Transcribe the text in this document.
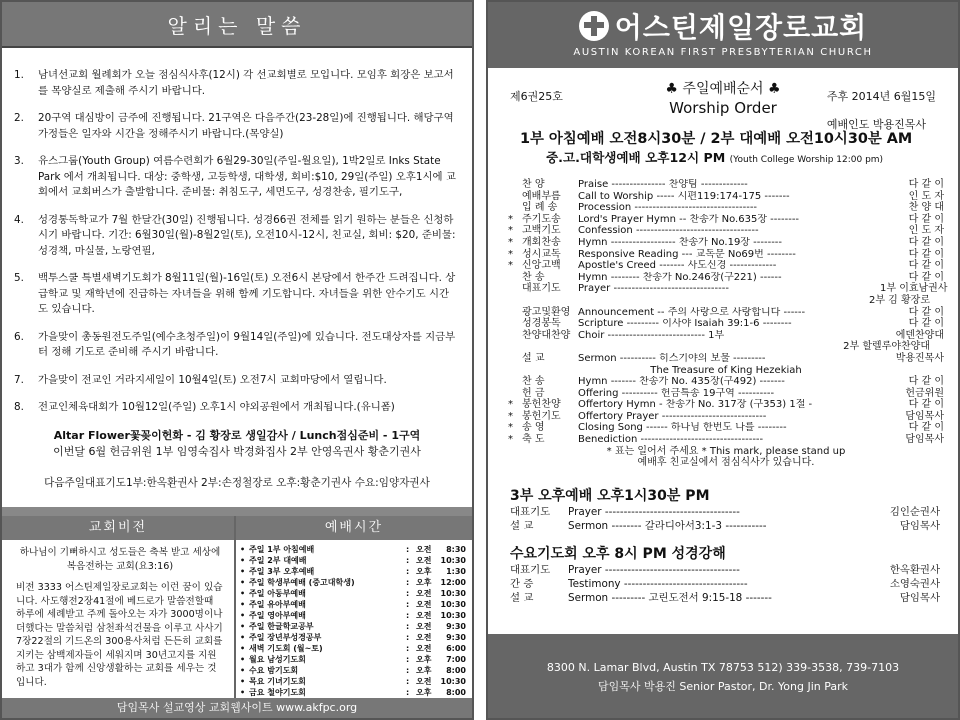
알리는 말씀
1.	남녀선교회 월례회가 오늘 점심식사후(12시) 각 선교회별로 모입니다. 모임후 회장은 보고서를 목양실로 제출해 주시기 바랍니다.
2.	20구역 대심방이 금주에 진행됩니다. 21구역은 다음주간(23-28일)에 진행됩니다. 해당구역 가정들은 일자와 시간을 정해주시기 바랍니다.(목양실)
3.	유스그룹(Youth Group) 여름수련회가 6월29-30일(주일-월요일), 1박2일로 Inks State Park 에서 개최됩니다. 대상: 중학생, 고등학생, 대학생, 회비:$10, 29일(주일) 오후1시에 교회에서 교회버스가 출발합니다. 준비물: 취침도구, 세면도구, 성경찬송, 필기도구,
4.	성경통독학교가 7월 한달간(30일) 진행됩니다. 성경66권 전체를 읽기 원하는 분들은 신청하시기 바랍니다. 기간: 6월30일(월)-8월2일(토), 오전10시-12시, 친교실, 회비: $20, 준비물: 성경책, 마실물, 노랑연필,
5.	백투스쿨 특별새벽기도회가 8월11일(월)-16일(토) 오전6시 본당에서 한주간 드려집니다. 상급학교 및 재학년에 진급하는 자녀들을 위해 함께 기도합니다. 자녀들을 위한 안수기도 시간도 있습니다.
6.	가을맞이 총동원전도주일(예수초청주일)이 9월14일(주일)에 있습니다. 전도대상자를 지금부터 정해 기도로 준비해 주시기 바랍니다.
7.	가을맞이 전교인 거라지세일이 10월4일(토) 오전7시 교회마당에서 열립니다.
8.	전교인체육대회가 10월12일(주일) 오후1시 야외공원에서 개최됩니다.(유니폼)
Altar Flower꽃꽂이헌화 - 김 황장로 생일감사 / Lunch점심준비 - 1구역
이번달 6월 헌금위원 1부 임영숙집사 박경화집사 2부 안영옥권사 황춘기권사
다음주일대표기도1부:한옥환권사 2부:손정철장로 오후:황춘기권사 수요:임양자권사
교회비전
하나님이 기뻐하시고 성도들은 축복 받고 세상에 복음전하는 교회(요3:16)
비전 3333 어스틴제일장로교회는 이런 꿈이 있습니다. 사도행전2장41절에 베드로가 말씀전할때 하루에 세례받고 주께 돌아오는 자가 3000명이나 더했다는 말씀처럼 삼천좌석건물을 이루고 사사기7장22절의 기드온의 300용사처럼 든든히 교회를 지키는 삼백제자들이 세워지며 30년고지를 지원하고 3대가 함께 신앙생활하는 교회를 세우는 것입니다.
예배시간
• 주일 1부 아침예배	: 오전	8:30
• 주일 2부 대예배	: 오전	10:30
• 주일 3부 오후예배	: 오후	1:30
• 주일 학생부예배 (중고대학생)	: 오후	12:00
• 주일 아동부예배	: 오전	10:30
• 주일 유아부예배	: 오전	10:30
• 주일 영아부예배	: 오전	10:30
• 주일 한글학교공부	: 오전	9:30
• 주일 장년부성경공부	: 오전	9:30
• 새벽 기도회 (월~토)	: 오전	6:00
• 월요 남성기도회	: 오후	7:00
• 수요 밤기도회	: 오후	8:00
• 목요 기녀기도회	: 오전	10:30
• 금요 철야기도회	: 오후	8:00
담임목사 설교영상 교회웹사이트 www.akfpc.org
어스틴제일장로교회
AUSTIN KOREAN FIRST PRESBYTERIAN CHURCH
제6권25호	♣ 주일예배순서 ♣
Worship Order
주후 2014년 6월15일
예배인도 박용진목사
1부 아침예배 오전8시30분 / 2부 대예배 오전10시30분 AM
중.고.대학생예배 오후12시 PM (Youth College Worship 12:00 pm)
찬 양	Praise --------------- 찬양팀 -------------	다 같 이
예배부름	Call to Worship ----- 시편119:174-175 -------	인 도 자
입 례 송	Procession ----------------------------------	찬 양 대
* 주기도송	Lord's Prayer Hymn -- 찬송가 No.635장 --------	다 같 이
* 고백기도	Confession ----------------------------------	인 도 자
* 개회찬송	Hymn ------------------ 찬송가 No.19장 --------	다 같 이
* 성시교독	Responsive Reading --- 교독문 No69번 --------	다 같 이
* 신앙고백	Apostle's Creed ------- 사도신경 -------------	다 같 이
찬 송	Hymn -------- 찬송가 No.246장(구221) ------	다 같 이
대표기도	Prayer --------------------------------	1부 이효남권사
2부 김 황장로
광고및환영 Announcement -- 주의 사랑으로 사랑합니다 ------	다 같 이
성경봉독	Scripture --------- 이사야 Isaiah 39:1-6 --------	다 같 이
찬양대찬양 Choir --------------------------- 1부	에덴찬양대
2부 할렐루야찬양대
설 교	Sermon ---------- 히스기야의 보물 ---------	박용진목사
The Treasure of King Hezekiah
찬 송	Hymn ------- 찬송가 No. 435장(구492) -------	다 같 이
헌 금	Offering ---------- 헌금특송 19구역 ----------	헌금위원
* 봉헌찬양	Offertory Hymn - 찬송가 No. 317장 (구353) 1절 -	다 같 이
* 봉헌기도	Offertory Prayer -----------------------------	담임목사
* 송 영	Closing Song ------ 하나님 한번도 나를 --------	다 같 이
* 축 도	Benediction ----------------------------------	담임목사
* 표는 일어서 주세요 * This mark, please stand up
예배후 친교실에서 점심식사가 있습니다.
3부 오후예배 오후1시30분 PM
대표기도	Prayer ------------------------------------	김인순권사
설 교	Sermon -------- 갈라디아서3:1-3 -----------	담임목사
수요기도회 오후 8시 PM 성경강해
대표기도	Prayer ------------------------------------	한옥환권사
간 증	Testimony ---------------------------------	소영숙권사
설 교	Sermon --------- 고린도전서 9:15-18 -------	담임목사
8300 N. Lamar Blvd, Austin TX 78753 512) 339-3538, 739-7103
담임목사 박용진 Senior Pastor, Dr. Yong Jin Park
